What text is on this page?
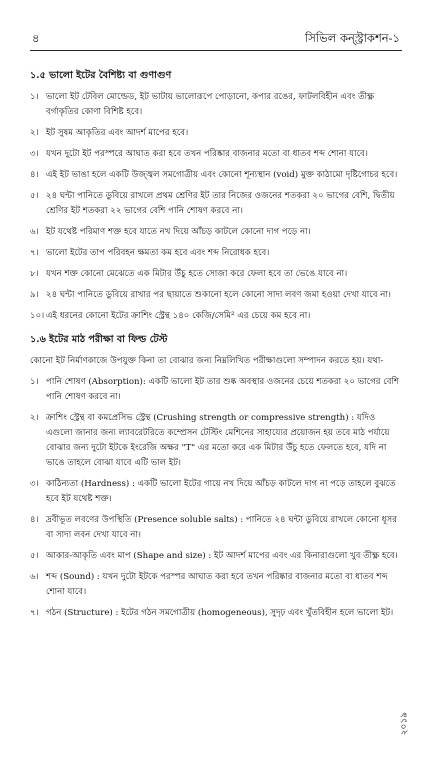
৪	সিভিল কন্স্ট্রাকশন-১
১.৫ ভালো ইটের বৈশিষ্ট্য বা গুণাগুণ
১। ভালো ইট টেবিল মোল্ডেড, ইট ভাটায় ভালোরূপে পোড়ানো, কপার রঙের, ফাটলবিহীন এবং তীক্ষ্ণ বর্গাকৃতির কোণা বিশিষ্ট হবে।
২। ইট সুষম আকৃতির এবং আদর্শ মাপের হবে।
৩। যখন দুটো ইট পরস্পরে আঘাত করা হবে তখন পরিষ্কার বাজনার মতো বা ধাতব শব্দ শোনা যাবে।
৪। এই ইট ভাঙা হলে একটি উজ্জ্বল সমগোত্রীয় এবং কোনো শূন্যস্থান (void) মুক্ত কাঠামো দৃষ্টিগোচর হবে।
৫। ২৪ ঘন্টা পানিতে ডুবিয়ে রাখলে প্রথম শ্রেণির ইট তার নিজের ওজনের শতকরা ২০ ভাগের বেশি, দ্বিতীয় শ্রেণির ইট শতকরা ২২ ভাগের বেশি পানি শোষণ করবে না।
৬। ইট যথেষ্ট পরিমাণ শক্ত হবে যাতে নখ দিয়ে আঁচড় কাটলে কোনো দাগ পড়ে না।
৭। ভালো ইটের তাপ পরিবহন ক্ষমতা কম হবে এবং শব্দ নিরোধক হবে।
৮। যখন শক্ত কোনো মেঝেতে এক মিটার উঁচু হতে সোজা করে ফেলা হবে তা ভেঙে যাবে না।
৯। ২৪ ঘন্টা পানিতে ডুবিয়ে রাখার পর ছায়াতে শুকানো হলে কোনো সাদা লবণ জমা হওয়া দেখা যাবে না।
১০। এই ধরনের কোনো ইটের ক্রাশিং স্ট্রেন্থ ১৪০ কেজি/সেমি² এর চেয়ে কম হবে না।
১.৬ ইটের মাঠ পরীক্ষা বা ফিল্ড টেস্ট

কোনো ইট নির্মাণকাজে উপযুক্ত কিনা তা বোঝার জন্য নিম্নলিখিত পরীক্ষাগুলো সম্পাদন করতে হয়। যথা-

১। পানি শোষণ (Absorption): একটি ভালো ইট তার শুষ্ক অবস্থার ওজনের চেয়ে শতকরা ২০ ভাগের বেশি পানি শোষণ করবে না।
২। ক্রাশিং স্ট্রেন্থ বা কমপ্রেসিভ স্ট্রেন্থ (Crushing strength or compressive strength) : যদিও এগুলো জানার জন্য ল্যাবরেটরিতে কম্প্রেসন টেস্টিং মেশিনের সাহায্যের প্রয়োজন হয় তবে মাঠ পর্যায়ে বোঝার জন্য দুটো ইটকে ইংরেজি অক্ষর "T" এর মতো করে এক মিটার উঁচু হতে ফেলতে হবে, যদি না ভাঙে তাহলে বোঝা যাবে এটি ভাল ইট।
৩। কাঠিন্যতা (Hardness) : একটি ভালো ইটের গায়ে নখ দিয়ে আঁচড় কাটলে দাগ না পড়ে তাহলে বুঝতে হবে ইট যথেষ্ট শক্ত।
৪। দ্রবীভূত লবণের উপস্থিতি (Presence soluble salts) : পানিতে ২৪ ঘন্টা ডুবিয়ে রাখলে কোনো ধূসর বা সাদা লবন দেখা যাবে না।
৫। আকার-আকৃতি এবং মাপ (Shape and size) : ইট আদর্শ মাপের এবং এর কিনারাগুলো খুব তীক্ষ্ণ হবে।
৬। শব্দ (Sound) : যখন দুটো ইটকে পরস্পর আঘাত করা হবে তখন পরিষ্কার বাজনার মতো বা ধাতব শব্দ শোনা যাবে।
৭। গঠন (Structure) : ইটের গঠন সমগোত্রীয় (homogeneous), সুদৃঢ় এবং খুঁতবিহীন হলে ভালো ইট।
২০১৯
